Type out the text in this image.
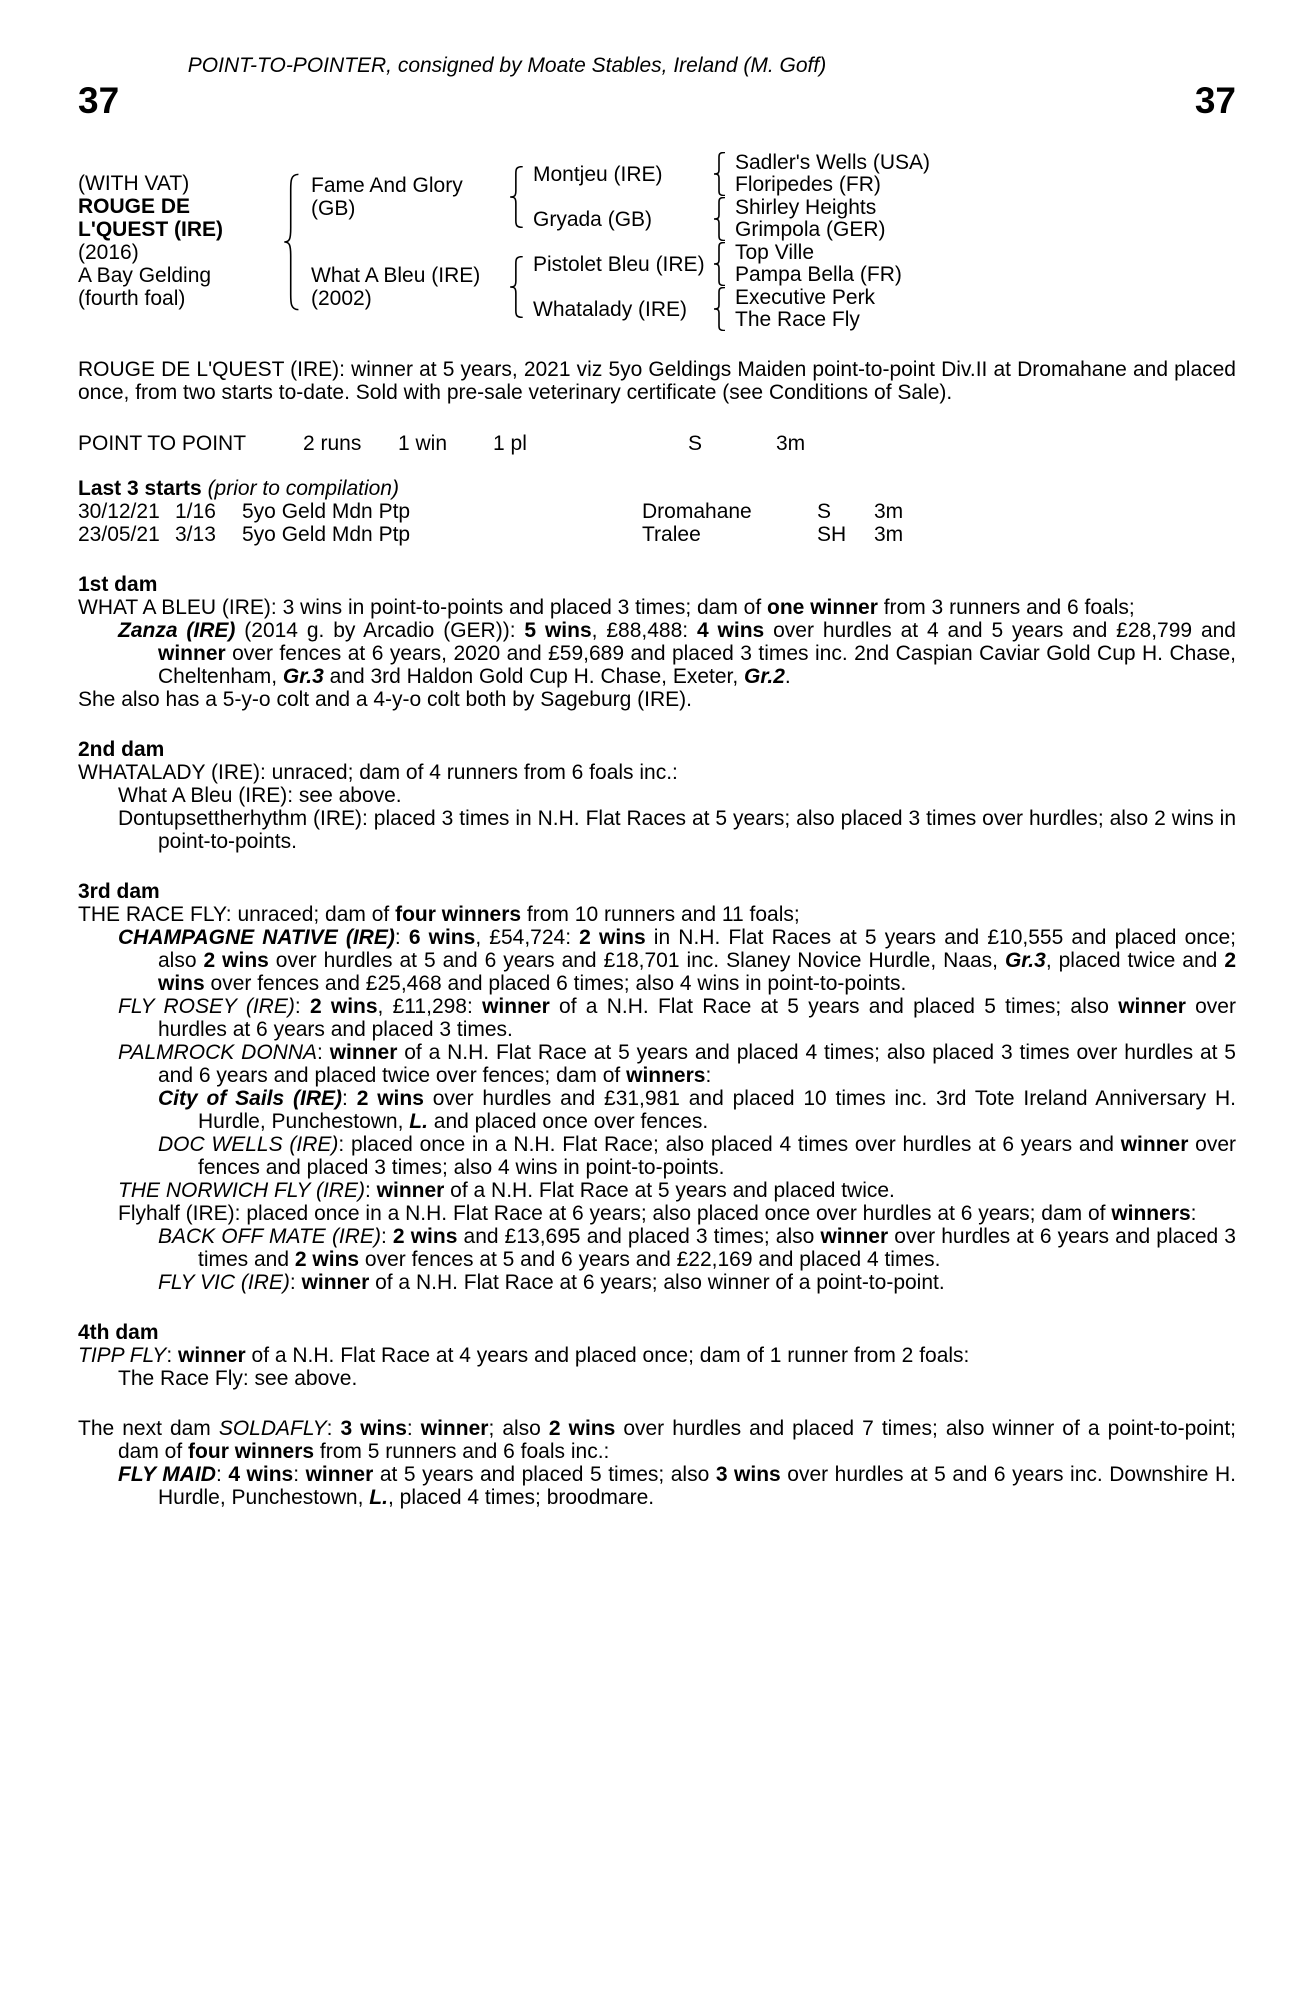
POINT-TO-POINTER, consigned by Moate Stables, Ireland (M. Goff)
37	37
(WITH VAT)
ROUGE DE L'QUEST (IRE)
(2016)
A Bay Gelding
(fourth foal)
Fame And Glory (GB)
Montjeu (IRE)	Sadler's Wells (USA)
Floripedes (FR)
Gryada (GB)	Shirley Heights
Grimpola (GER)
What A Bleu (IRE)
(2002)
Pistolet Bleu (IRE)	Top Ville
Pampa Bella (FR)
Whatalady (IRE)	Executive Perk
The Race Fly

ROUGE DE L'QUEST (IRE): winner at 5 years, 2021 viz 5yo Geldings Maiden point-to-point Div.II at Dromahane and placed once, from two starts to-date. Sold with pre-sale veterinary certificate (see Conditions of Sale).

POINT TO POINT	2 runs	1 win	1 pl	S	3m
Last 3 starts (prior to compilation)
30/12/21 1/16	5yo Geld Mdn Ptp	Dromahane	S	3m
23/05/21 3/13	5yo Geld Mdn Ptp	Tralee	SH	3m
1st dam

WHAT A BLEU (IRE): 3 wins in point-to-points and placed 3 times; dam of one winner from 3 runners and 6 foals;

Zanza (IRE) (2014 g. by Arcadio (GER)): 5 wins, £88,488: 4 wins over hurdles at 4 and 5 years and £28,799 and winner over fences at 6 years, 2020 and £59,689 and placed 3 times inc. 2nd Caspian Caviar Gold Cup H. Chase, Cheltenham, Gr.3 and 3rd Haldon Gold Cup H. Chase, Exeter, Gr.2.

She also has a 5-y-o colt and a 4-y-o colt both by Sageburg (IRE).

2nd dam

WHATALADY (IRE): unraced; dam of 4 runners from 6 foals inc.:

What A Bleu (IRE): see above.

Dontupsettherhythm (IRE): placed 3 times in N.H. Flat Races at 5 years; also placed 3 times over hurdles; also 2 wins in point-to-points.

3rd dam

THE RACE FLY: unraced; dam of four winners from 10 runners and 11 foals;

CHAMPAGNE NATIVE (IRE): 6 wins, £54,724: 2 wins in N.H. Flat Races at 5 years and £10,555 and placed once; also 2 wins over hurdles at 5 and 6 years and £18,701 inc. Slaney Novice Hurdle, Naas, Gr.3, placed twice and 2 wins over fences and £25,468 and placed 6 times; also 4 wins in point-to-points.

FLY ROSEY (IRE): 2 wins, £11,298: winner of a N.H. Flat Race at 5 years and placed 5 times; also winner over hurdles at 6 years and placed 3 times.

PALMROCK DONNA: winner of a N.H. Flat Race at 5 years and placed 4 times; also placed 3 times over hurdles at 5 and 6 years and placed twice over fences; dam of winners:

City of Sails (IRE): 2 wins over hurdles and £31,981 and placed 10 times inc. 3rd Tote Ireland Anniversary H. Hurdle, Punchestown, L. and placed once over fences.

DOC WELLS (IRE): placed once in a N.H. Flat Race; also placed 4 times over hurdles at 6 years and winner over fences and placed 3 times; also 4 wins in point-to-points.

THE NORWICH FLY (IRE): winner of a N.H. Flat Race at 5 years and placed twice.

Flyhalf (IRE): placed once in a N.H. Flat Race at 6 years; also placed once over hurdles at 6 years; dam of winners:

BACK OFF MATE (IRE): 2 wins and £13,695 and placed 3 times; also winner over hurdles at 6 years and placed 3 times and 2 wins over fences at 5 and 6 years and £22,169 and placed 4 times.

FLY VIC (IRE): winner of a N.H. Flat Race at 6 years; also winner of a point-to-point.

4th dam

TIPP FLY: winner of a N.H. Flat Race at 4 years and placed once; dam of 1 runner from 2 foals:

The Race Fly: see above.

The next dam SOLDAFLY: 3 wins: winner; also 2 wins over hurdles and placed 7 times; also winner of a point-to-point; dam of four winners from 5 runners and 6 foals inc.:

FLY MAID: 4 wins: winner at 5 years and placed 5 times; also 3 wins over hurdles at 5 and 6 years inc. Downshire H. Hurdle, Punchestown, L., placed 4 times; broodmare.
